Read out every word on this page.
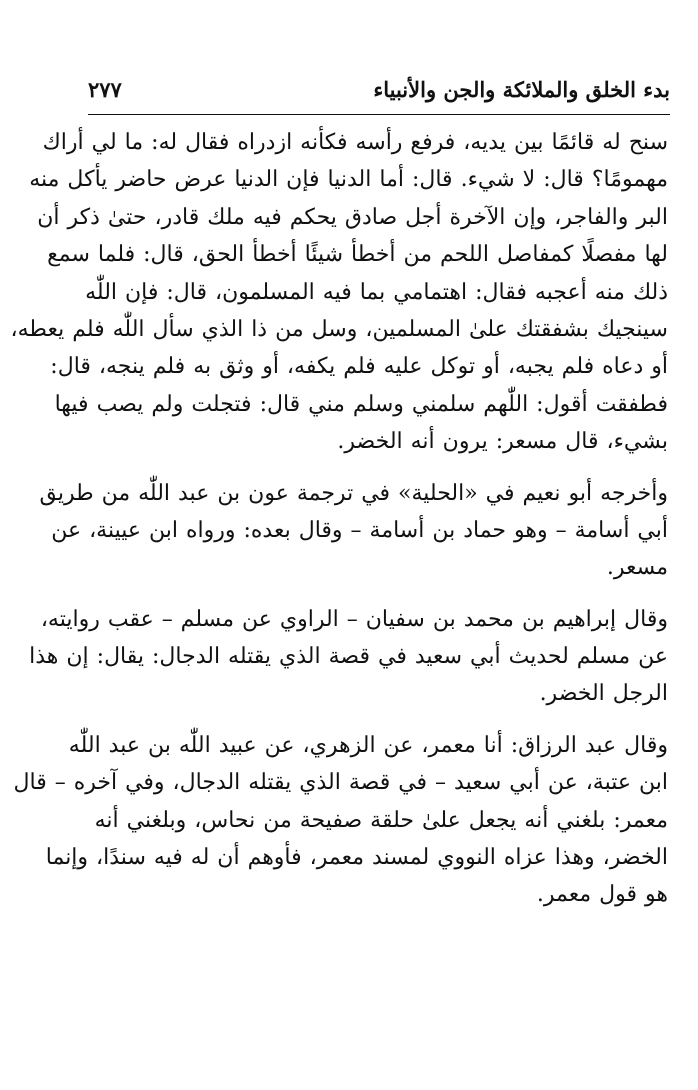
بدء الخلق والملائكة والجن والأنبياء
٢٧٧

سنح له قائمًا بين يديه، فرفع رأسه فكأنه ازدراه فقال له: ما لي أراك
مهمومًا؟ قال: لا شيء. قال: أما الدنيا فإن الدنيا عرض حاضر يأكل منه
البر والفاجر، وإن الآخرة أجل صادق يحكم فيه ملك قادر، حتىٰ ذكر أن
لها مفصلًا كمفاصل اللحم من أخطأ شيئًا أخطأ الحق، قال: فلما سمع
ذلك منه أعجبه فقال: اهتمامي بما فيه المسلمون، قال: فإن اللّٰه
سينجيك بشفقتك علىٰ المسلمين، وسل من ذا الذي سأل اللّٰه فلم يعطه،
أو دعاه فلم يجبه، أو توكل عليه فلم يكفه، أو وثق به فلم ينجه، قال:
فطفقت أقول: اللّٰهم سلمني وسلم مني قال: فتجلت ولم يصب فيها
بشيء، قال مسعر: يرون أنه الخضر.

وأخرجه أبو نعيم في «الحلية» في ترجمة عون بن عبد اللّٰه من طريق
أبي أسامة – وهو حماد بن أسامة – وقال بعده: ورواه ابن عيينة، عن
مسعر.

وقال إبراهيم بن محمد بن سفيان – الراوي عن مسلم – عقب روايته،
عن مسلم لحديث أبي سعيد في قصة الذي يقتله الدجال: يقال: إن هذا
الرجل الخضر.

وقال عبد الرزاق: أنا معمر، عن الزهري، عن عبيد اللّٰه بن عبد اللّٰه
ابن عتبة، عن أبي سعيد – في قصة الذي يقتله الدجال، وفي آخره – قال
معمر: بلغني أنه يجعل علىٰ حلقة صفيحة من نحاس، وبلغني أنه
الخضر، وهذا عزاه النووي لمسند معمر، فأوهم أن له فيه سندًا، وإنما
هو قول معمر.
